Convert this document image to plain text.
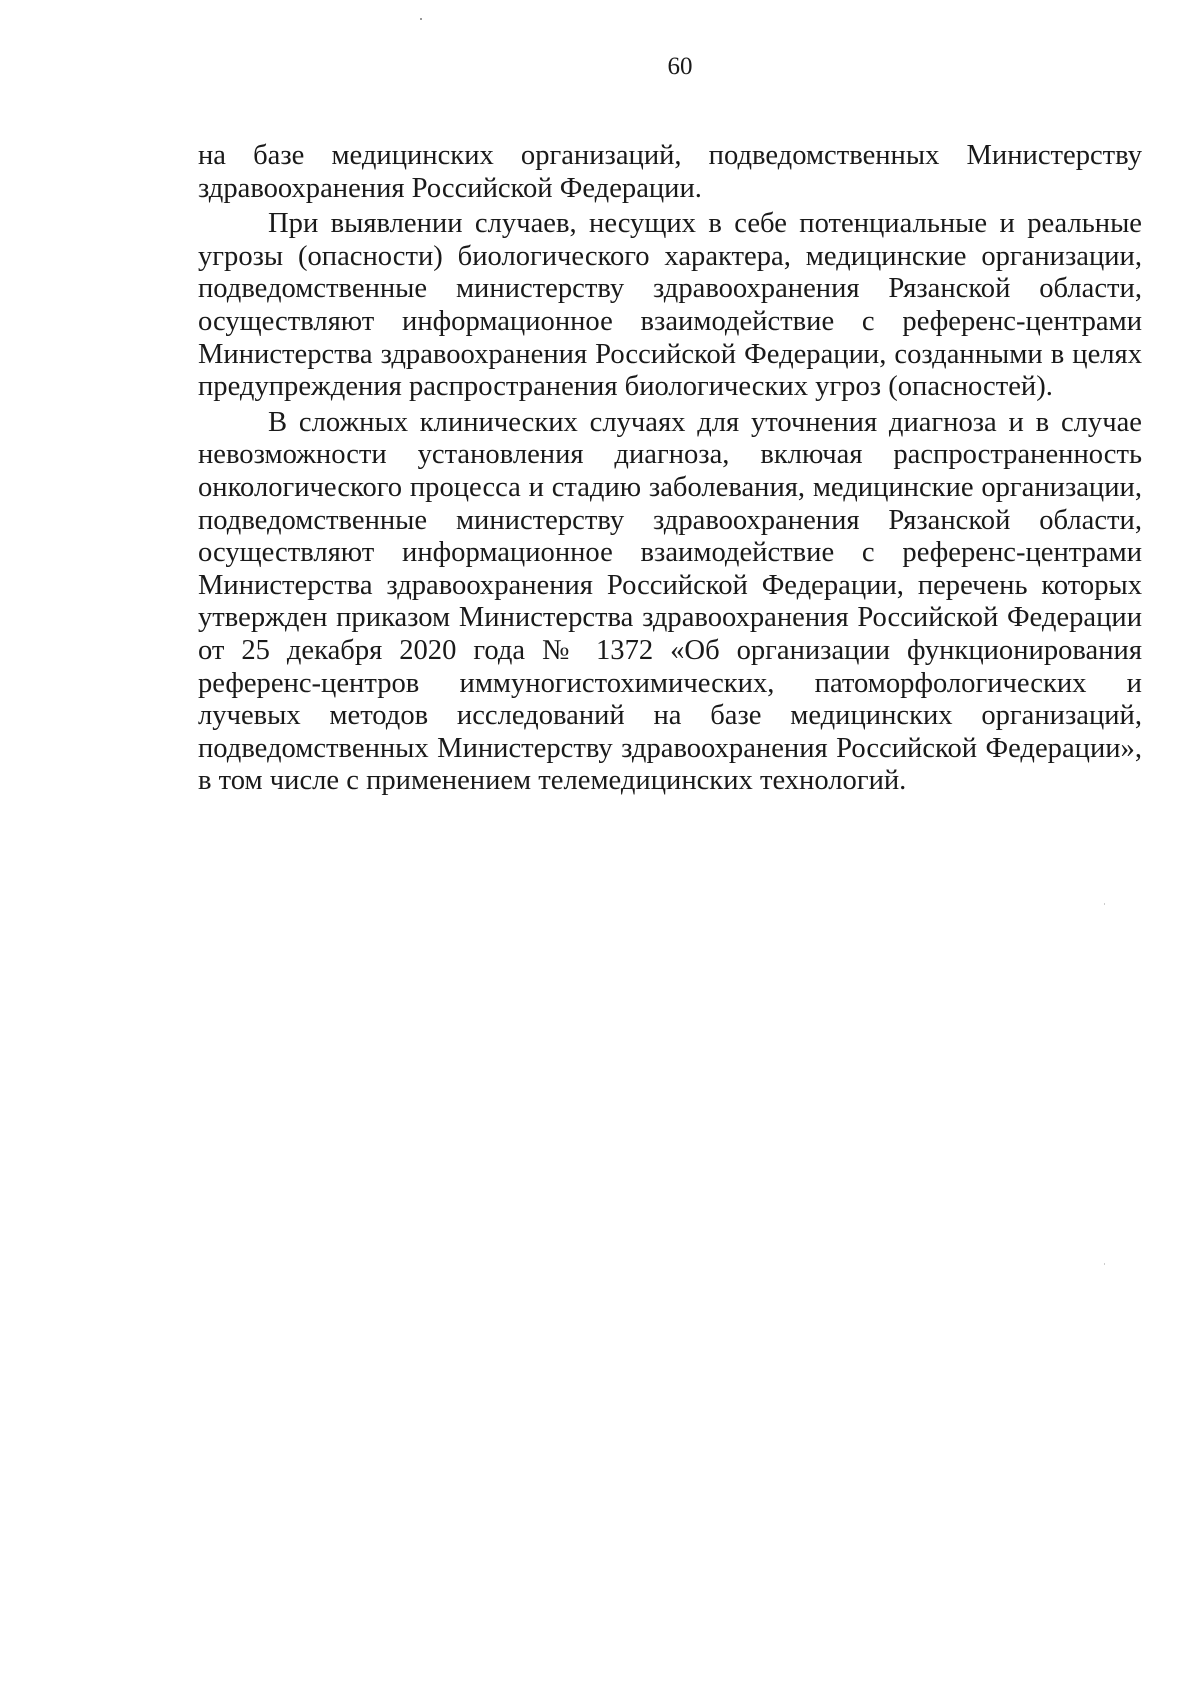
60

на базе медицинских организаций, подведомственных Министерству здравоохранения Российской Федерации.

При выявлении случаев, несущих в себе потенциальные и реальные угрозы (опасности) биологического характера, медицинские организации, подведомственные министерству здравоохранения Рязанской области, осуществляют информационное взаимодействие с референс-центрами Министерства здравоохранения Российской Федерации, созданными в целях предупреждения распространения биологических угроз (опасностей).

В сложных клинических случаях для уточнения диагноза и в случае невозможности установления диагноза, включая распространенность онкологического процесса и стадию заболевания, медицинские организации, подведомственные министерству здравоохранения Рязанской области, осуществляют информационное взаимодействие с референс-центрами Министерства здравоохранения Российской Федерации, перечень которых утвержден приказом Министерства здравоохранения Российской Федерации от 25 декабря 2020 года № 1372 «Об организации функционирования референс-центров иммуногистохимических, патоморфологических и лучевых методов исследований на базе медицинских организаций, подведомственных Министерству здравоохранения Российской Федерации», в том числе с применением телемедицинских технологий.
